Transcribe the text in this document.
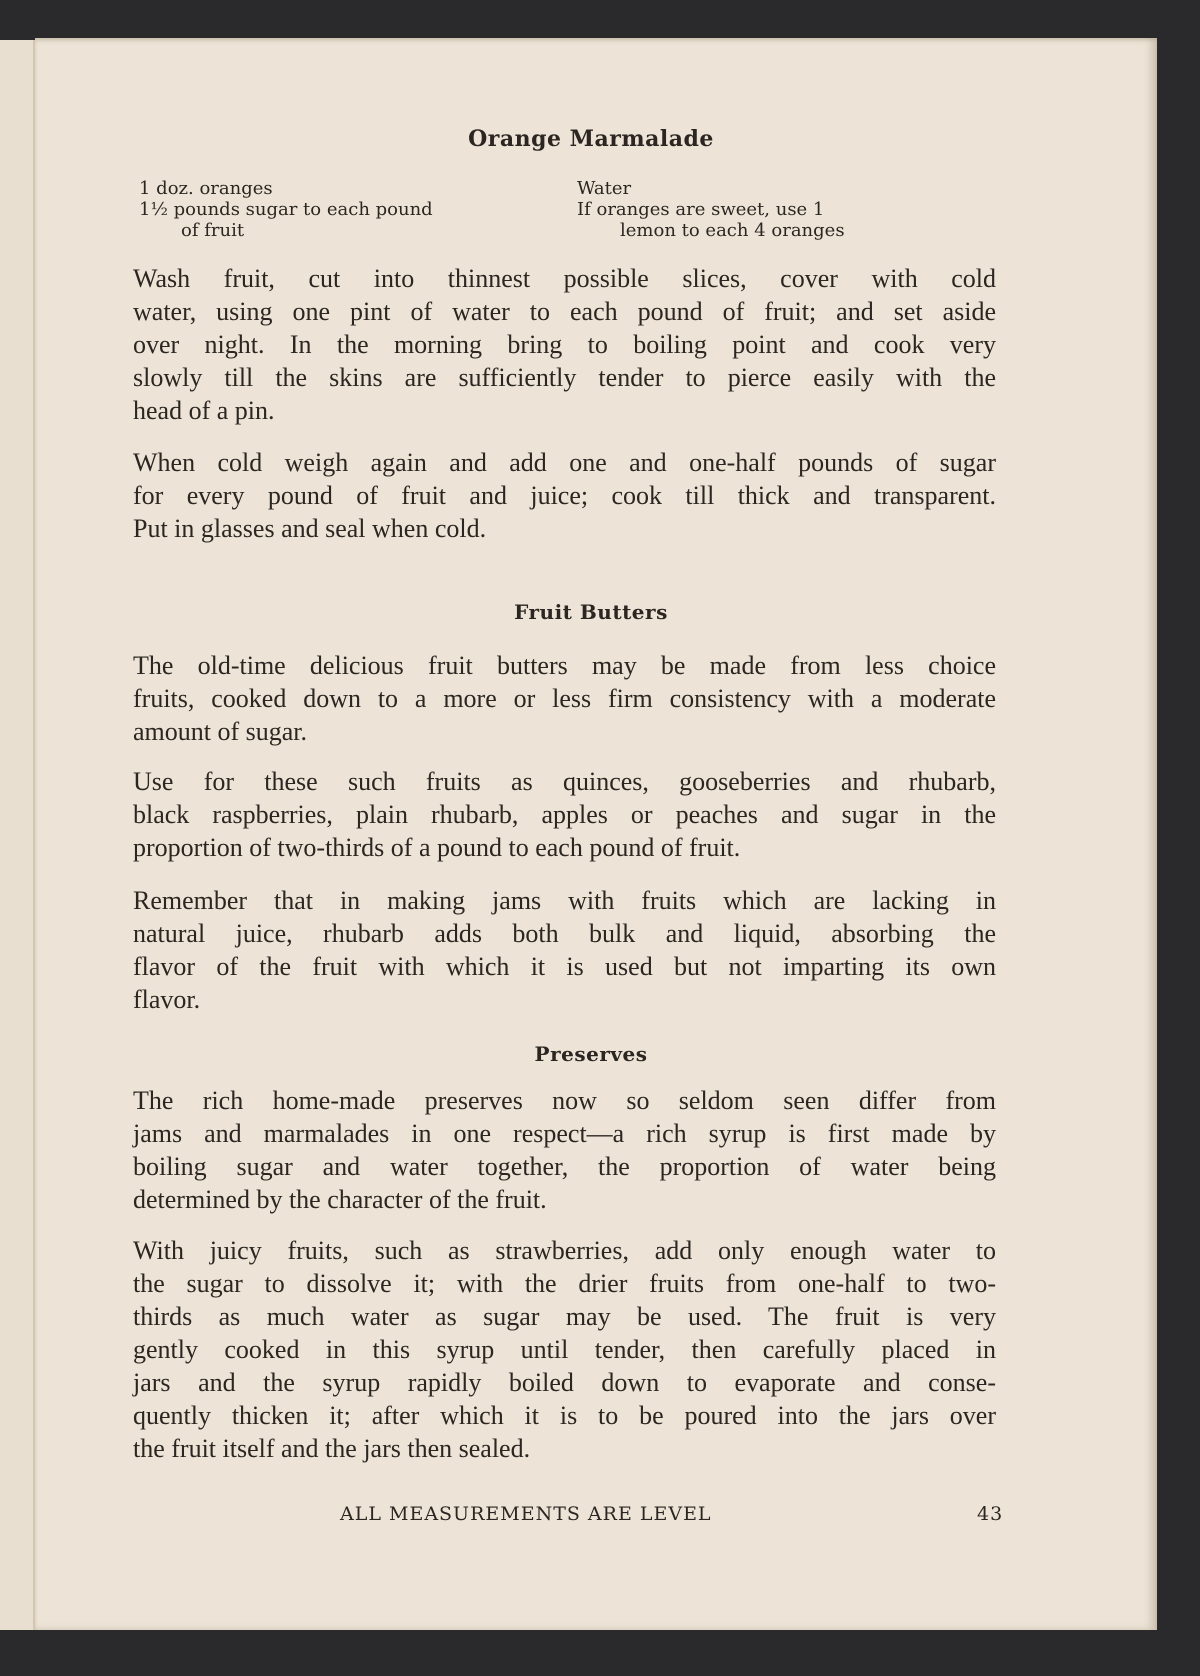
Orange Marmalade
1 doz. oranges
1½ pounds sugar to each pound
of fruit
Water
If oranges are sweet, use 1
lemon to each 4 oranges
Wash fruit, cut into thinnest possible slices, cover with cold
water, using one pint of water to each pound of fruit; and set aside
over night. In the morning bring to boiling point and cook very
slowly till the skins are sufficiently tender to pierce easily with the
head of a pin.
When cold weigh again and add one and one-half pounds of sugar
for every pound of fruit and juice; cook till thick and transparent.
Put in glasses and seal when cold.
Fruit Butters
The old-time delicious fruit butters may be made from less choice
fruits, cooked down to a more or less firm consistency with a moderate
amount of sugar.
Use for these such fruits as quinces, gooseberries and rhubarb,
black raspberries, plain rhubarb, apples or peaches and sugar in the
proportion of two-thirds of a pound to each pound of fruit.
Remember that in making jams with fruits which are lacking in
natural juice, rhubarb adds both bulk and liquid, absorbing the
flavor of the fruit with which it is used but not imparting its own
flavor.
Preserves
The rich home-made preserves now so seldom seen differ from
jams and marmalades in one respect—a rich syrup is first made by
boiling sugar and water together, the proportion of water being
determined by the character of the fruit.
With juicy fruits, such as strawberries, add only enough water to
the sugar to dissolve it; with the drier fruits from one-half to two-
thirds as much water as sugar may be used. The fruit is very
gently cooked in this syrup until tender, then carefully placed in
jars and the syrup rapidly boiled down to evaporate and conse-
quently thicken it; after which it is to be poured into the jars over
the fruit itself and the jars then sealed.
ALL MEASUREMENTS ARE LEVEL	43
